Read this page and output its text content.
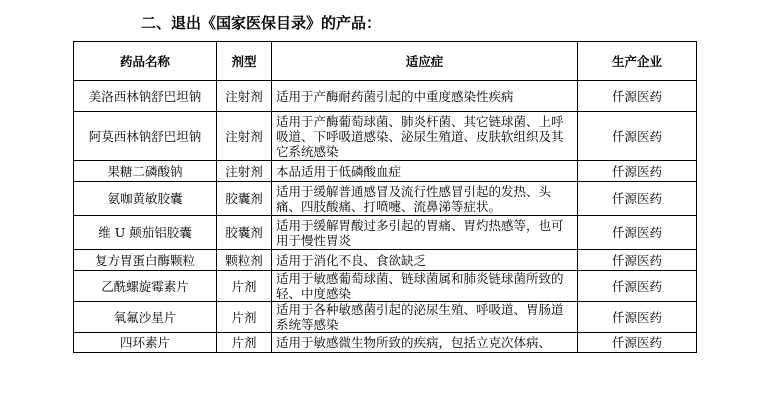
二、退出《国家医保目录》的产品：
药品名称	剂型	适应症	生产企业
美洛西林钠舒巴坦钠	注射剂	适用于产酶耐药菌引起的中重度感染性疾病	仟源医药
阿莫西林钠舒巴坦钠	注射剂	适用于产酶葡萄球菌、肺炎杆菌、其它链球菌、上呼吸道、下呼吸道感染、泌尿生殖道、皮肤软组织及其它系统感染	仟源医药
果糖二磷酸钠	注射剂	本品适用于低磷酸血症	仟源医药
氨咖黄敏胶囊	胶囊剂	适用于缓解普通感冒及流行性感冒引起的发热、头痛、四肢酸痛、打喷嚏、流鼻涕等症状。	仟源医药
维 U 颠茄铝胶囊	胶囊剂	适用于缓解胃酸过多引起的胃痛、胃灼热感等，也可用于慢性胃炎	仟源医药
复方胃蛋白酶颗粒	颗粒剂	适用于消化不良、食欲缺乏	仟源医药
乙酰螺旋霉素片	片剂	适用于敏感葡萄球菌、链球菌属和肺炎链球菌所致的轻、中度感染	仟源医药
氧氟沙星片	片剂	适用于各种敏感菌引起的泌尿生殖、呼吸道、胃肠道系统等感染	仟源医药
四环素片	片剂	适用于敏感微生物所致的疾病，包括立克次体病、	仟源医药
